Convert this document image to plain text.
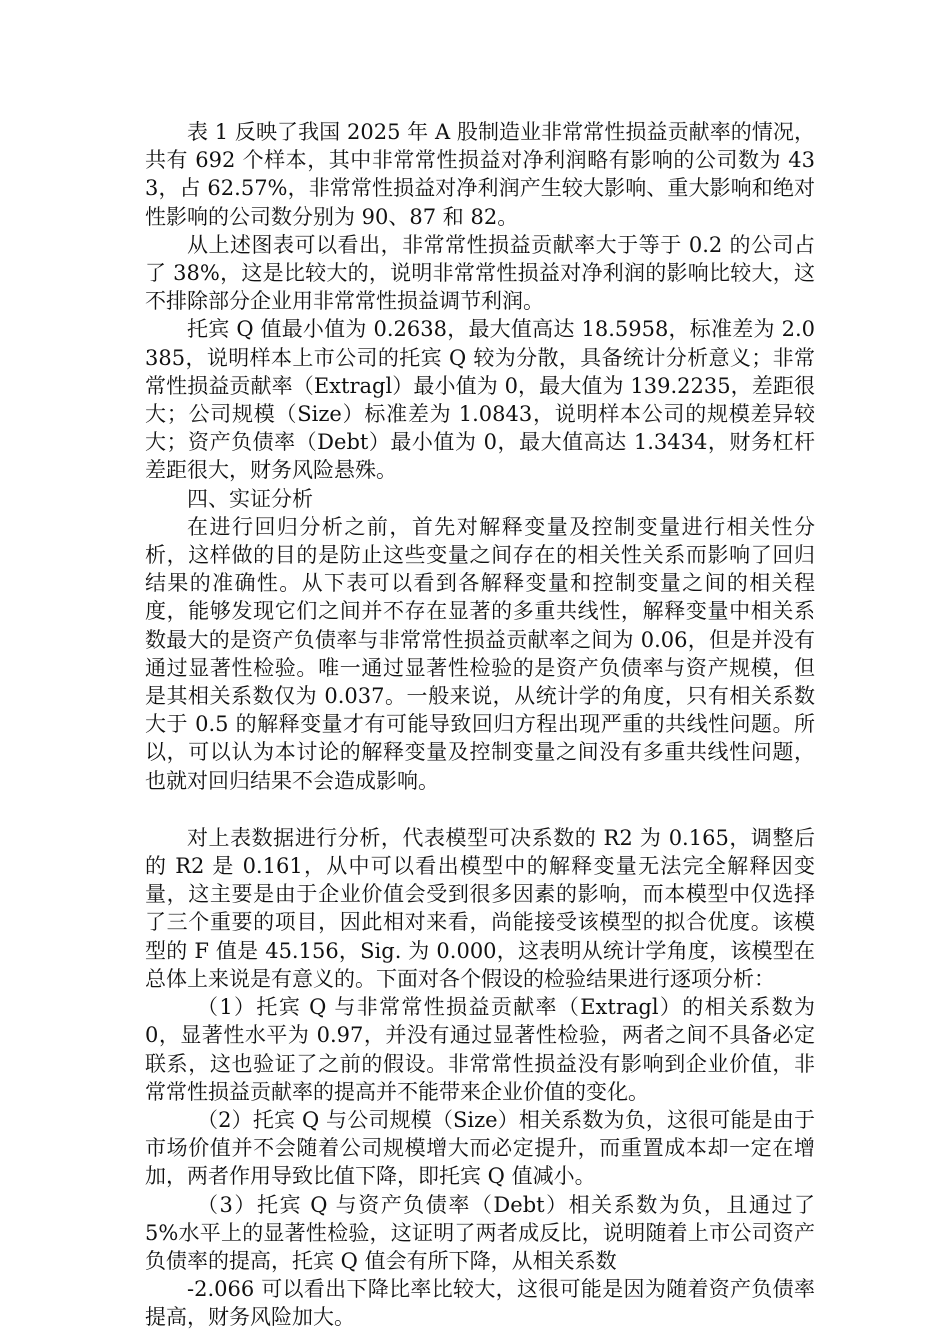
表 1 反映了我国 2025 年 A 股制造业非常常性损益贡献率的情况，共有 692 个样本，其中非常常性损益对净利润略有影响的公司数为 433，占 62.57%，非常常性损益对净利润产生较大影响、重大影响和绝对性影响的公司数分别为 90、87 和 82。

从上述图表可以看出，非常常性损益贡献率大于等于 0.2 的公司占了 38%，这是比较大的，说明非常常性损益对净利润的影响比较大，这不排除部分企业用非常常性损益调节利润。

托宾 Q 值最小值为 0.2638，最大值高达 18.5958，标准差为 2.0385，说明样本上市公司的托宾 Q 较为分散，具备统计分析意义；非常常性损益贡献率（Extragl）最小值为 0，最大值为 139.2235，差距很大；公司规模（Size）标准差为 1.0843，说明样本公司的规模差异较大；资产负债率（Debt）最小值为 0，最大值高达 1.3434，财务杠杆差距很大，财务风险悬殊。

四、实证分析

在进行回归分析之前，首先对解释变量及控制变量进行相关性分析，这样做的目的是防止这些变量之间存在的相关性关系而影响了回归结果的准确性。从下表可以看到各解释变量和控制变量之间的相关程度，能够发现它们之间并不存在显著的多重共线性，解释变量中相关系数最大的是资产负债率与非常常性损益贡献率之间为 0.06，但是并没有通过显著性检验。唯一通过显著性检验的是资产负债率与资产规模，但是其相关系数仅为 0.037。一般来说，从统计学的角度，只有相关系数大于 0.5 的解释变量才有可能导致回归方程出现严重的共线性问题。所以，可以认为本讨论的解释变量及控制变量之间没有多重共线性问题，也就对回归结果不会造成影响。

对上表数据进行分析，代表模型可决系数的 R2 为 0.165，调整后的 R2 是 0.161，从中可以看出模型中的解释变量无法完全解释因变量，这主要是由于企业价值会受到很多因素的影响，而本模型中仅选择了三个重要的项目，因此相对来看，尚能接受该模型的拟合优度。该模型的 F 值是 45.156，Sig. 为 0.000，这表明从统计学角度，该模型在总体上来说是有意义的。下面对各个假设的检验结果进行逐项分析：

（1）托宾 Q 与非常常性损益贡献率（Extragl）的相关系数为 0，显著性水平为 0.97，并没有通过显著性检验，两者之间不具备必定联系，这也验证了之前的假设。非常常性损益没有影响到企业价值，非常常性损益贡献率的提高并不能带来企业价值的变化。

（2）托宾 Q 与公司规模（Size）相关系数为负，这很可能是由于市场价值并不会随着公司规模增大而必定提升，而重置成本却一定在增加，两者作用导致比值下降，即托宾 Q 值减小。

（3）托宾 Q 与资产负债率（Debt）相关系数为负，且通过了 5%水平上的显著性检验，这证明了两者成反比，说明随着上市公司资产负债率的提高，托宾 Q 值会有所下降，从相关系数

-2.066 可以看出下降比率比较大，这很可能是因为随着资产负债率提高，财务风险加大。
